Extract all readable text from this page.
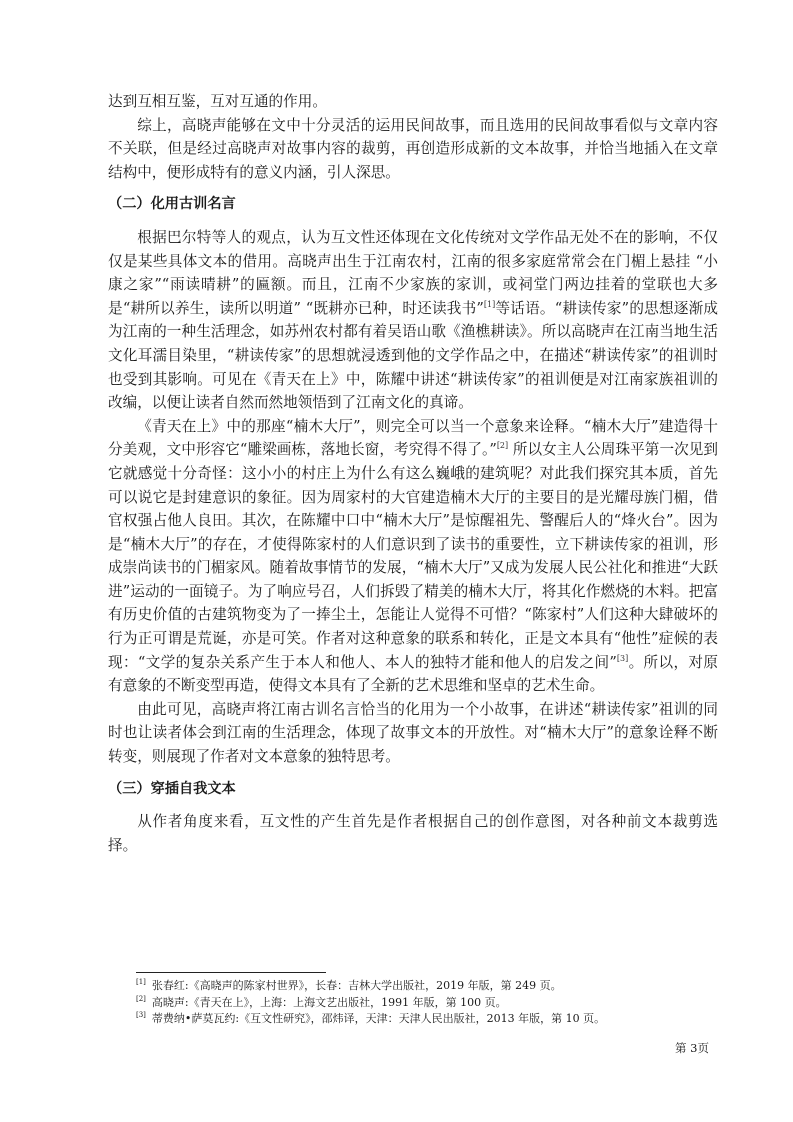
达到互相互鉴，互对互通的作用。

综上，高晓声能够在文中十分灵活的运用民间故事，而且选用的民间故事看似与文章内容不关联，但是经过高晓声对故事内容的裁剪，再创造形成新的文本故事，并恰当地插入在文章结构中，便形成特有的意义内涵，引人深思。

（二）化用古训名言

根据巴尔特等人的观点，认为互文性还体现在文化传统对文学作品无处不在的影响，不仅仅是某些具体文本的借用。高晓声出生于江南农村，江南的很多家庭常常会在门楣上悬挂 “小康之家”“雨读晴耕”的匾额。而且，江南不少家族的家训，或祠堂门两边挂着的堂联也大多是“耕所以养生，读所以明道” “既耕亦已种，时还读我书”[1]等话语。“耕读传家”的思想逐渐成为江南的一种生活理念，如苏州农村都有着吴语山歌《渔樵耕读》。所以高晓声在江南当地生活文化耳濡目染里，“耕读传家”的思想就浸透到他的文学作品之中，在描述“耕读传家”的祖训时也受到其影响。可见在《青天在上》中，陈耀中讲述“耕读传家”的祖训便是对江南家族祖训的改编，以便让读者自然而然地领悟到了江南文化的真谛。

《青天在上》中的那座“楠木大厅”，则完全可以当一个意象来诠释。“楠木大厅”建造得十分美观，文中形容它“雕梁画栋，落地长窗，考究得不得了。”[2] 所以女主人公周珠平第一次见到它就感觉十分奇怪：这小小的村庄上为什么有这么巍峨的建筑呢？对此我们探究其本质，首先可以说它是封建意识的象征。因为周家村的大官建造楠木大厅的主要目的是光耀母族门楣，借官权强占他人良田。其次，在陈耀中口中“楠木大厅”是惊醒祖先、警醒后人的“烽火台”。因为是“楠木大厅”的存在，才使得陈家村的人们意识到了读书的重要性，立下耕读传家的祖训，形成崇尚读书的门楣家风。随着故事情节的发展，“楠木大厅”又成为发展人民公社化和推进“大跃进”运动的一面镜子。为了响应号召，人们拆毁了精美的楠木大厅，将其化作燃烧的木料。把富有历史价值的古建筑物变为了一捧尘土，怎能让人觉得不可惜？“陈家村”人们这种大肆破坏的行为正可谓是荒诞，亦是可笑。作者对这种意象的联系和转化，正是文本具有“他性”症候的表现：“文学的复杂关系产生于本人和他人、本人的独特才能和他人的启发之间”[3]。所以，对原有意象的不断变型再造，使得文本具有了全新的艺术思维和坚卓的艺术生命。

由此可见，高晓声将江南古训名言恰当的化用为一个小故事，在讲述“耕读传家”祖训的同时也让读者体会到江南的生活理念，体现了故事文本的开放性。对“楠木大厅”的意象诠释不断转变，则展现了作者对文本意象的独特思考。

（三）穿插自我文本

从作者角度来看，互文性的产生首先是作者根据自己的创作意图，对各种前文本裁剪选择。

[1] 张春红:《高晓声的陈家村世界》，长春：吉林大学出版社，2019 年版，第 249 页。

[2] 高晓声:《青天在上》，上海：上海文艺出版社，1991 年版，第 100 页。

[3] 蒂费纳•萨莫瓦约:《互文性研究》，邵炜译，天津：天津人民出版社，2013 年版，第 10 页。

第 3页
